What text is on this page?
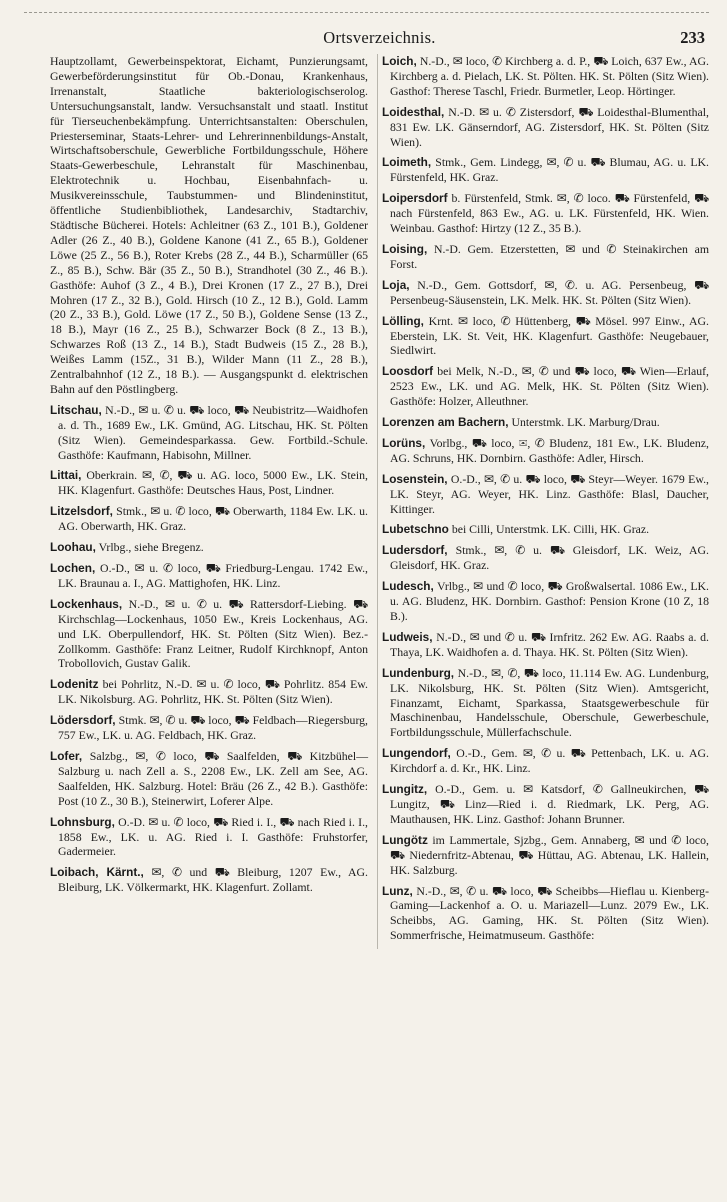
Ortsverzeichnis.	233

Hauptzollamt, Gewerbeinspektorat, Eichamt, Punzierungsamt, Gewerbeförderungsinstitut für Ob.-Donau, Krankenhaus, Irrenanstalt, Staatliche bakteriologischserolog. Untersuchungsanstalt, landw. Versuchsanstalt und staatl. Institut für Tierseuchenbekämpfung. Unterrichtsanstalten: Oberschulen, Priesterseminar, Staats-Lehrer- und Lehrerinnenbildungs-Anstalt, Wirtschaftsoberschule, Gewerbliche Fortbildungsschule, Höhere Staats-Gewerbeschule, Lehranstalt für Maschinenbau, Elektrotechnik u. Hochbau, Eisenbahnfach- u. Musikvereinsschule, Taubstummen- und Blindeninstitut, öffentliche Studienbibliothek, Landesarchiv, Stadtarchiv, Städtische Bücherei. Hotels: Achleitner (63 Z., 101 B.), Goldener Adler (26 Z., 40 B.), Goldene Kanone (41 Z., 65 B.), Goldener Löwe (25 Z., 56 B.), Roter Krebs (28 Z., 44 B.), Scharmüller (65 Z., 85 B.), Schw. Bär (35 Z., 50 B.), Strandhotel (30 Z., 46 B.). Gasthöfe: Auhof (3 Z., 4 B.), Drei Kronen (17 Z., 27 B.), Drei Mohren (17 Z., 32 B.), Gold. Hirsch (10 Z., 12 B.), Gold. Lamm (20 Z., 33 B.), Gold. Löwe (17 Z., 50 B.), Goldene Sense (13 Z., 18 B.), Mayr (16 Z., 25 B.), Schwarzer Bock (8 Z., 13 B.), Schwarzes Roß (13 Z., 14 B.), Stadt Budweis (15 Z., 28 B.), Weißes Lamm (15Z., 31 B.), Wilder Mann (11 Z., 28 B.), Zentralbahnhof (12 Z., 18 B.). — Ausgangspunkt d. elektrischen Bahn auf den Pöstlingberg.

Litschau, N.-D., ✉ u. ✆ u. ⛟ loco, ⛟ Neubistritz—Waidhofen a. d. Th., 1689 Ew., LK. Gmünd, AG. Litschau, HK. St. Pölten (Sitz Wien). Gemeindesparkassa. Gew. Fortbild.-Schule. Gasthöfe: Kaufmann, Habisohn, Millner.

Littai, Oberkrain. ✉, ✆, ⛟ u. AG. loco, 5000 Ew., LK. Stein, HK. Klagenfurt. Gasthöfe: Deutsches Haus, Post, Lindner.

Litzelsdorf, Stmk., ✉ u. ✆ loco, ⛟ Oberwarth, 1184 Ew. LK. u. AG. Oberwarth, HK. Graz.

Loohau, Vrlbg., siehe Bregenz.

Lochen, O.-D., ✉ u. ✆ loco, ⛟ Friedburg-Lengau. 1742 Ew., LK. Braunau a. I., AG. Mattighofen, HK. Linz.

Lockenhaus, N.-D., ✉ u. ✆ u. ⛟ Rattersdorf-Liebing. ⛟ Kirchschlag—Lockenhaus, 1050 Ew., Kreis Lockenhaus, AG. und LK. Oberpullendorf, HK. St. Pölten (Sitz Wien). Bez.-Zollkomm. Gasthöfe: Franz Leitner, Rudolf Kirchknopf, Anton Trobollovich, Gustav Galik.

Lodenitz bei Pohrlitz, N.-D. ✉ u. ✆ loco, ⛟ Pohrlitz. 854 Ew. LK. Nikolsburg. AG. Pohrlitz, HK. St. Pölten (Sitz Wien).

Lödersdorf, Stmk. ✉, ✆ u. ⛟ loco, ⛟ Feldbach—Riegersburg, 757 Ew., LK. u. AG. Feldbach, HK. Graz.

Lofer, Salzbg., ✉, ✆ loco, ⛟ Saalfelden, ⛟ Kitzbühel—Salzburg u. nach Zell a. S., 2208 Ew., LK. Zell am See, AG. Saalfelden, HK. Salzburg. Hotel: Bräu (26 Z., 42 B.). Gasthöfe: Post (10 Z., 30 B.), Steinerwirt, Loferer Alpe.

Lohnsburg, O.-D. ✉ u. ✆ loco, ⛟ Ried i. I., ⛟ nach Ried i. I., 1858 Ew., LK. u. AG. Ried i. I. Gasthöfe: Fruhstorfer, Gadermeier.

Loibach, Kärnt., ✉, ✆ und ⛟ Bleiburg, 1207 Ew., AG. Bleiburg, LK. Völkermarkt, HK. Klagenfurt. Zollamt.

Loich, N.-D., ✉ loco, ✆ Kirchberg a. d. P., ⛟ Loich, 637 Ew., AG. Kirchberg a. d. Pielach, LK. St. Pölten. HK. St. Pölten (Sitz Wien). Gasthof: Therese Taschl, Friedr. Burmetler, Leop. Hörtinger.

Loidesthal, N.-D. ✉ u. ✆ Zistersdorf, ⛟ Loidesthal-Blumenthal, 831 Ew. LK. Gänserndorf, AG. Zistersdorf, HK. St. Pölten (Sitz Wien).

Loimeth, Stmk., Gem. Lindegg, ✉, ✆ u. ⛟ Blumau, AG. u. LK. Fürstenfeld, HK. Graz.

Loipersdorf b. Fürstenfeld, Stmk. ✉, ✆ loco. ⛟ Fürstenfeld, ⛟ nach Fürstenfeld, 863 Ew., AG. u. LK. Fürstenfeld, HK. Wien. Weinbau. Gasthof: Hirtzy (12 Z., 35 B.).

Loising, N.-D. Gem. Etzerstetten, ✉ und ✆ Steinakirchen am Forst.

Loja, N.-D., Gem. Gottsdorf, ✉, ✆. u. AG. Persenbeug, ⛟ Persenbeug-Säusenstein, LK. Melk. HK. St. Pölten (Sitz Wien).

Lölling, Krnt. ✉ loco, ✆ Hüttenberg, ⛟ Mösel. 997 Einw., AG. Eberstein, LK. St. Veit, HK. Klagenfurt. Gasthöfe: Neugebauer, Siedlwirt.

Loosdorf bei Melk, N.-D., ✉, ✆ und ⛟ loco, ⛟ Wien—Erlauf, 2523 Ew., LK. und AG. Melk, HK. St. Pölten (Sitz Wien). Gasthöfe: Holzer, Alleuthner.

Lorenzen am Bachern, Unterstmk. LK. Marburg/Drau.

Lorüns, Vorlbg., ⛟ loco, ✉, ✆ Bludenz, 181 Ew., LK. Bludenz, AG. Schruns, HK. Dornbirn. Gasthöfe: Adler, Hirsch.

Losenstein, O.-D., ✉, ✆ u. ⛟ loco, ⛟ Steyr—Weyer. 1679 Ew., LK. Steyr, AG. Weyer, HK. Linz. Gasthöfe: Blasl, Daucher, Kittinger.

Lubetschno bei Cilli, Unterstmk. LK. Cilli, HK. Graz.

Ludersdorf, Stmk., ✉, ✆ u. ⛟ Gleisdorf, LK. Weiz, AG. Gleisdorf, HK. Graz.

Ludesch, Vrlbg., ✉ und ✆ loco, ⛟ Großwalsertal. 1086 Ew., LK. u. AG. Bludenz, HK. Dornbirn. Gasthof: Pension Krone (10 Z, 18 B.).

Ludweis, N.-D., ✉ und ✆ u. ⛟ Irnfritz. 262 Ew. AG. Raabs a. d. Thaya, LK. Waidhofen a. d. Thaya. HK. St. Pölten (Sitz Wien).

Lundenburg, N.-D., ✉, ✆, ⛟ loco, 11.114 Ew. AG. Lundenburg, LK. Nikolsburg, HK. St. Pölten (Sitz Wien). Amtsgericht, Finanzamt, Eichamt, Sparkassa, Staatsgewerbeschule für Maschinenbau, Handelsschule, Oberschule, Gewerbeschule, Fortbildungsschule, Müllerfachschule.

Lungendorf, O.-D., Gem. ✉, ✆ u. ⛟ Pettenbach, LK. u. AG. Kirchdorf a. d. Kr., HK. Linz.

Lungitz, O.-D., Gem. u. ✉ Katsdorf, ✆ Gallneukirchen, ⛟ Lungitz, ⛟ Linz—Ried i. d. Riedmark, LK. Perg, AG. Mauthausen, HK. Linz. Gasthof: Johann Brunner.

Lungötz im Lammertale, Sjzbg., Gem. Annaberg, ✉ und ✆ loco, ⛟ Niedernfritz-Abtenau, ⛟ Hüttau, AG. Abtenau, LK. Hallein, HK. Salzburg.

Lunz, N.-D., ✉, ✆ u. ⛟ loco, ⛟ Scheibbs—Hieflau u. Kienberg-Gaming—Lackenhof a. O. u. Mariazell—Lunz. 2079 Ew., LK. Scheibbs, AG. Gaming, HK. St. Pölten (Sitz Wien). Sommerfrische, Heimatmuseum. Gasthöfe:
